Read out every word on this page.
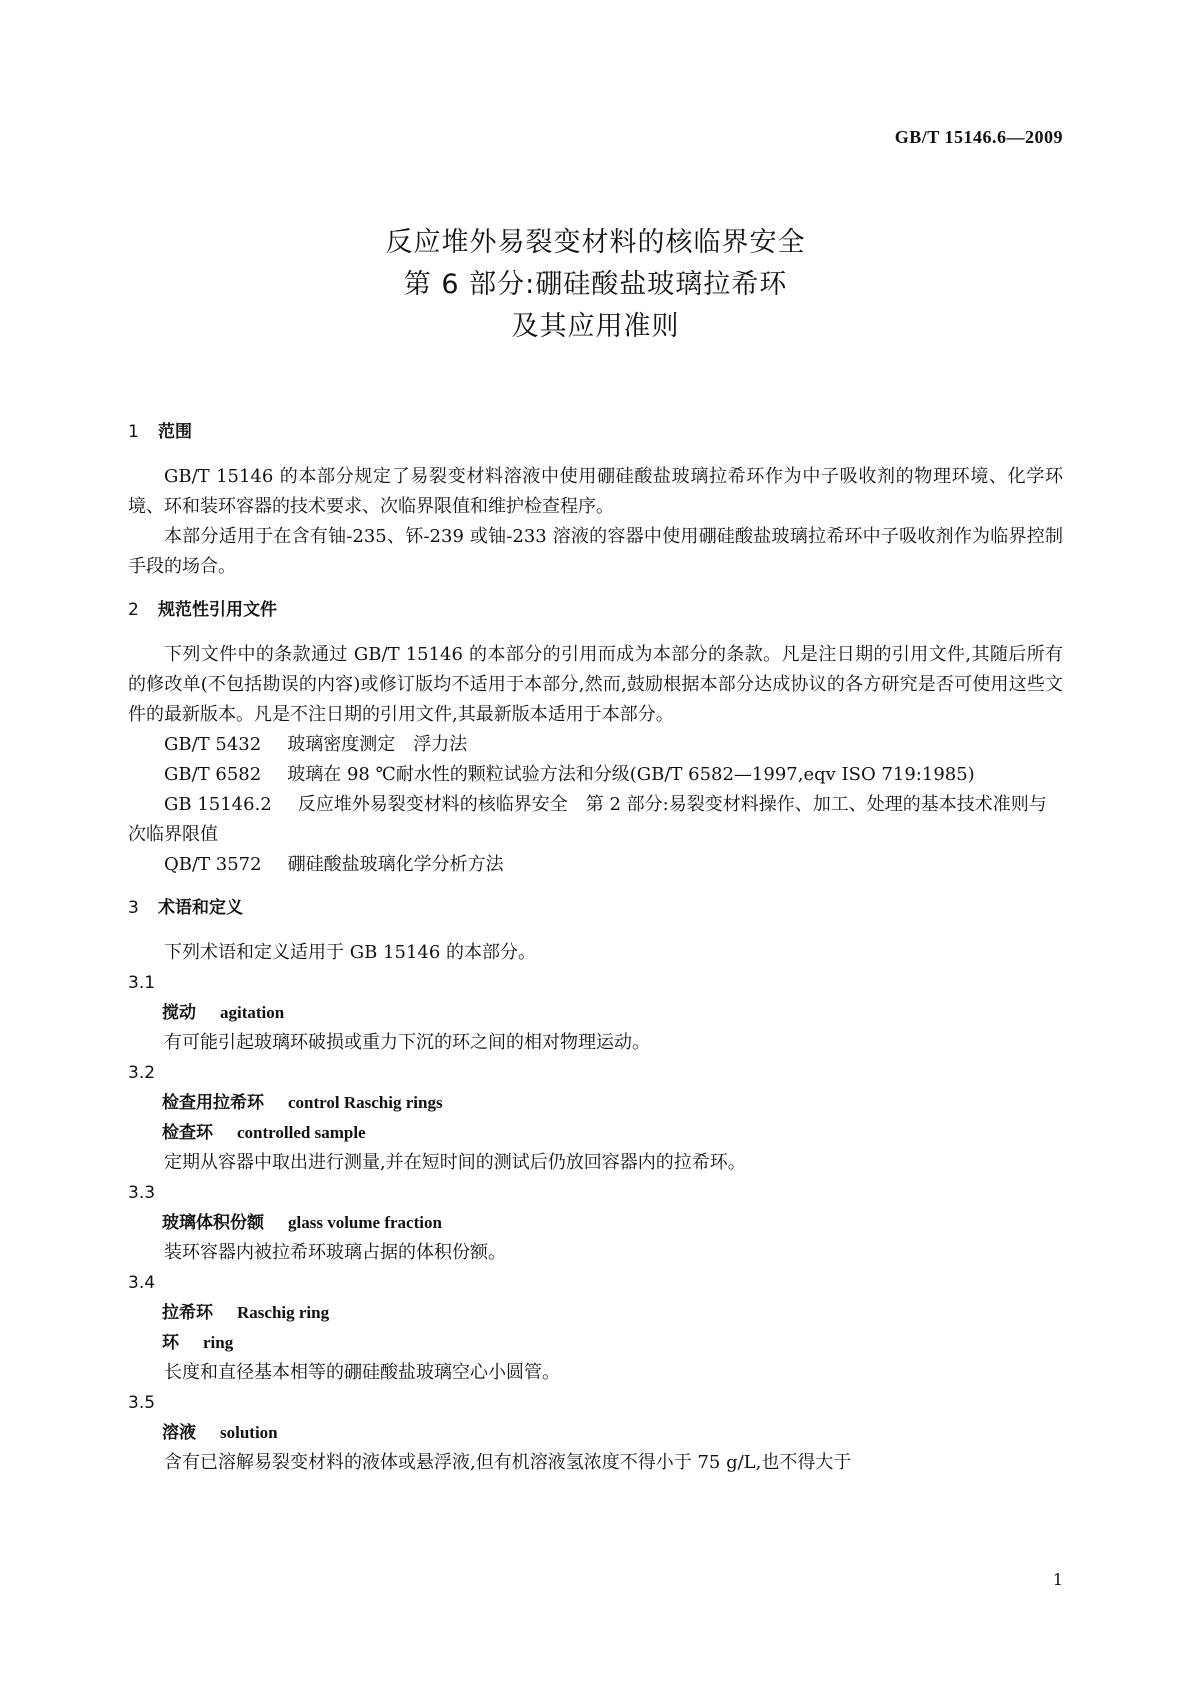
GB/T 15146.6—2009
反应堆外易裂变材料的核临界安全
第 6 部分:硼硅酸盐玻璃拉希环
及其应用准则
1 范围

GB/T 15146 的本部分规定了易裂变材料溶液中使用硼硅酸盐玻璃拉希环作为中子吸收剂的物理环境、化学环境、环和装环容器的技术要求、次临界限值和维护检查程序。

本部分适用于在含有铀-235、钚-239 或铀-233 溶液的容器中使用硼硅酸盐玻璃拉希环中子吸收剂作为临界控制手段的场合。

2 规范性引用文件

下列文件中的条款通过 GB/T 15146 的本部分的引用而成为本部分的条款。凡是注日期的引用文件,其随后所有的修改单(不包括勘误的内容)或修订版均不适用于本部分,然而,鼓励根据本部分达成协议的各方研究是否可使用这些文件的最新版本。凡是不注日期的引用文件,其最新版本适用于本部分。

GB/T 5432 玻璃密度测定　浮力法

GB/T 6582 玻璃在 98 ℃耐水性的颗粒试验方法和分级(GB/T 6582—1997,eqv ISO 719:1985)

GB 15146.2 反应堆外易裂变材料的核临界安全　第 2 部分:易裂变材料操作、加工、处理的基本技术准则与次临界限值

QB/T 3572 硼硅酸盐玻璃化学分析方法

3 术语和定义

下列术语和定义适用于 GB 15146 的本部分。

3.1
搅动 agitation
有可能引起玻璃环破损或重力下沉的环之间的相对物理运动。
3.2
检查用拉希环 control Raschig rings
检查环 controlled sample
定期从容器中取出进行测量,并在短时间的测试后仍放回容器内的拉希环。
3.3
玻璃体积份额 glass volume fraction
装环容器内被拉希环玻璃占据的体积份额。
3.4
拉希环 Raschig ring
环 ring
长度和直径基本相等的硼硅酸盐玻璃空心小圆管。
3.5
溶液 solution
含有已溶解易裂变材料的液体或悬浮液,但有机溶液氢浓度不得小于 75 g/L,也不得大于
1
